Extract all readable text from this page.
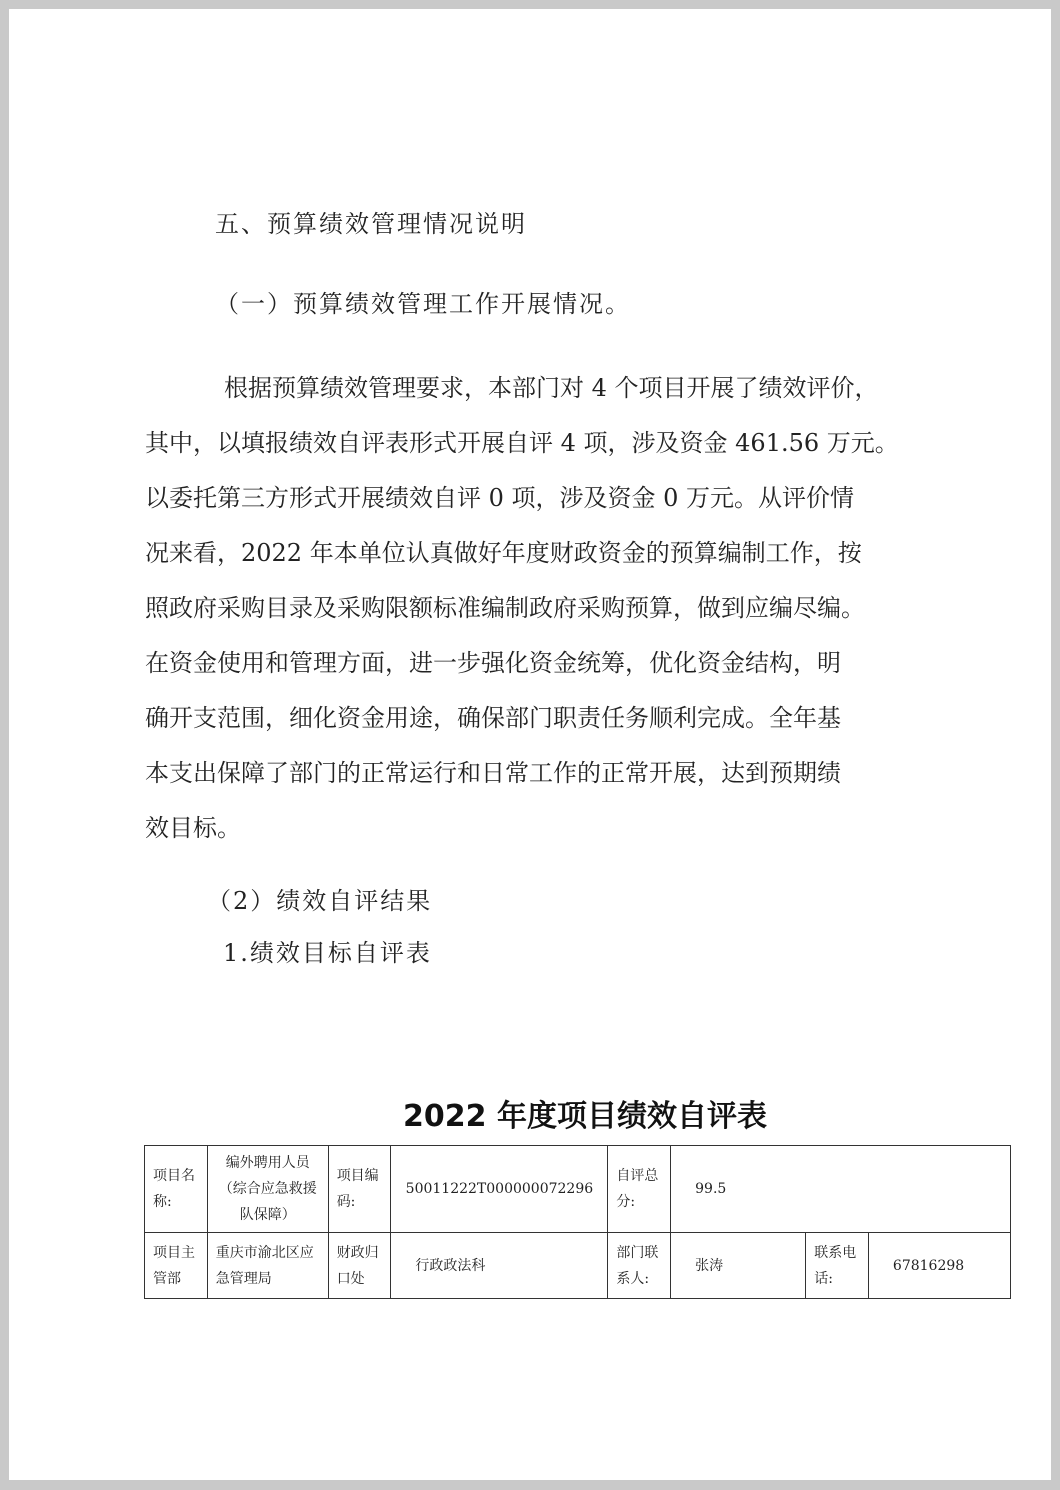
五、预算绩效管理情况说明
（一）预算绩效管理工作开展情况。
根据预算绩效管理要求，本部门对 4 个项目开展了绩效评价，
其中，以填报绩效自评表形式开展自评 4 项，涉及资金 461.56 万元。
以委托第三方形式开展绩效自评 0 项，涉及资金 0 万元。从评价情
况来看，2022 年本单位认真做好年度财政资金的预算编制工作，按
照政府采购目录及采购限额标准编制政府采购预算，做到应编尽编。
在资金使用和管理方面，进一步强化资金统筹，优化资金结构，明
确开支范围，细化资金用途，确保部门职责任务顺利完成。全年基
本支出保障了部门的正常运行和日常工作的正常开展，达到预期绩
效目标。
（2）绩效自评结果
1.绩效目标自评表
2022 年度项目绩效自评表
项目名称:	编外聘用人员（综合应急救援队保障）	项目编码:	50011222T000000072296	自评总分:	99.5		
项目主管部	重庆市渝北区应急管理局	财政归口处	行政政法科	部门联系人:	张涛	联系电话:	67816298
